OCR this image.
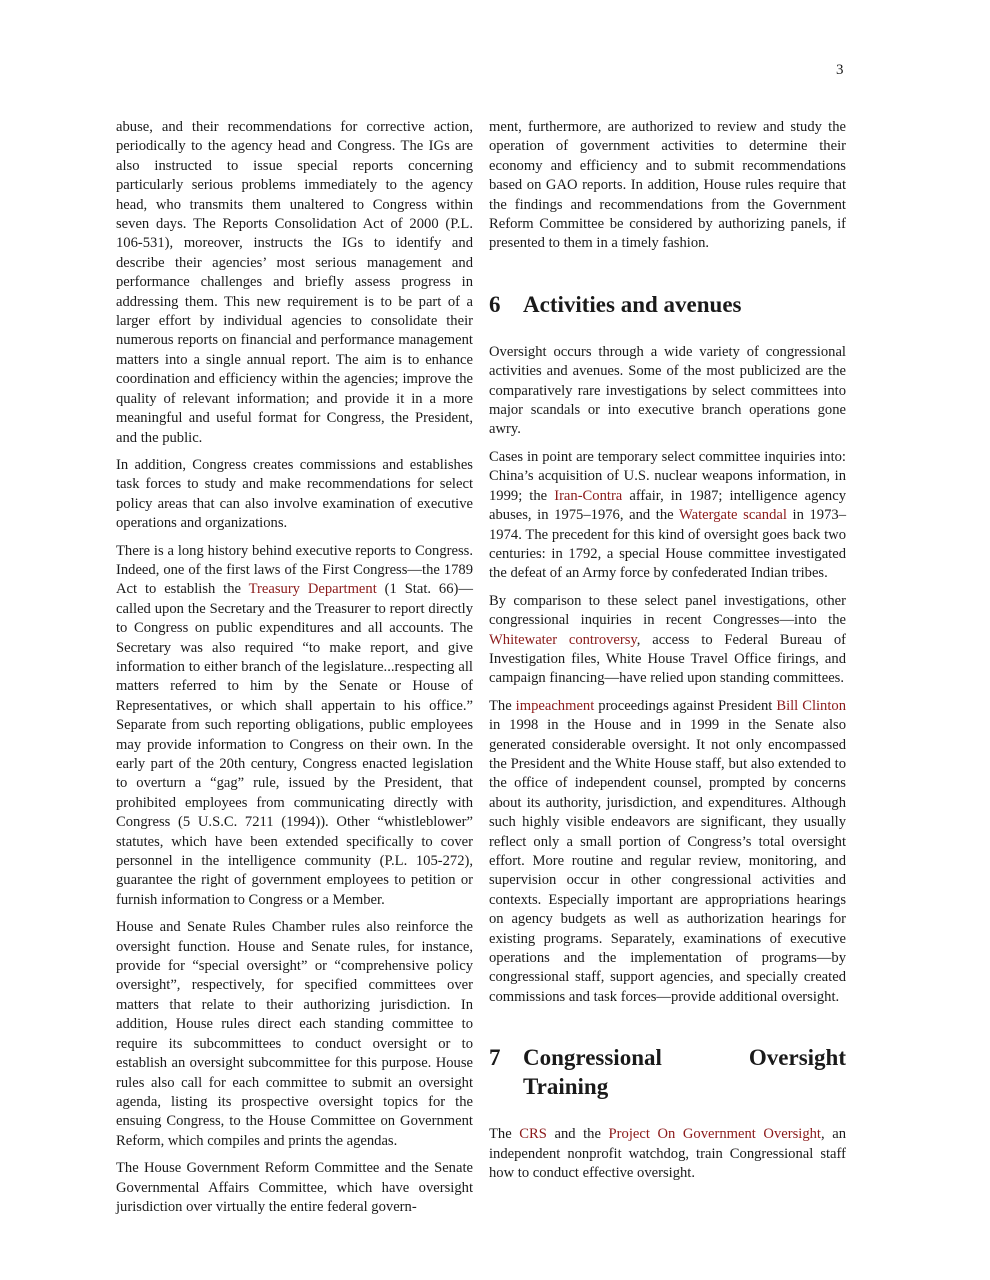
3

abuse, and their recommendations for corrective action, periodically to the agency head and Congress. The IGs are also instructed to issue special reports concerning particularly serious problems immediately to the agency head, who transmits them unaltered to Congress within seven days. The Reports Consolidation Act of 2000 (P.L. 106-531), moreover, instructs the IGs to identify and describe their agencies’ most serious management and performance challenges and briefly assess progress in addressing them. This new requirement is to be part of a larger effort by individual agencies to consolidate their numerous reports on financial and performance management matters into a single annual report. The aim is to enhance coordination and efficiency within the agencies; improve the quality of relevant information; and provide it in a more meaningful and useful format for Congress, the President, and the public.

In addition, Congress creates commissions and establishes task forces to study and make recommendations for select policy areas that can also involve examination of executive operations and organizations.

There is a long history behind executive reports to Congress. Indeed, one of the first laws of the First Congress—the 1789 Act to establish the Treasury Department (1 Stat. 66)—called upon the Secretary and the Treasurer to report directly to Congress on public expenditures and all accounts. The Secretary was also required “to make report, and give information to either branch of the legislature...respecting all matters referred to him by the Senate or House of Representatives, or which shall appertain to his office.” Separate from such reporting obligations, public employees may provide information to Congress on their own. In the early part of the 20th century, Congress enacted legislation to overturn a “gag” rule, issued by the President, that prohibited employees from communicating directly with Congress (5 U.S.C. 7211 (1994)). Other “whistleblower” statutes, which have been extended specifically to cover personnel in the intelligence community (P.L. 105-272), guarantee the right of government employees to petition or furnish information to Congress or a Member.

House and Senate Rules Chamber rules also reinforce the oversight function. House and Senate rules, for instance, provide for “special oversight” or “comprehensive policy oversight”, respectively, for specified committees over matters that relate to their authorizing jurisdiction. In addition, House rules direct each standing committee to require its subcommittees to conduct oversight or to establish an oversight subcommittee for this purpose. House rules also call for each committee to submit an oversight agenda, listing its prospective oversight topics for the ensuing Congress, to the House Committee on Government Reform, which compiles and prints the agendas.

The House Government Reform Committee and the Senate Governmental Affairs Committee, which have oversight jurisdiction over virtually the entire federal govern-

ment, furthermore, are authorized to review and study the operation of government activities to determine their economy and efficiency and to submit recommendations based on GAO reports. In addition, House rules require that the findings and recommendations from the Government Reform Committee be considered by authorizing panels, if presented to them in a timely fashion.

6 Activities and avenues

Oversight occurs through a wide variety of congressional activities and avenues. Some of the most publicized are the comparatively rare investigations by select committees into major scandals or into executive branch operations gone awry.

Cases in point are temporary select committee inquiries into: China’s acquisition of U.S. nuclear weapons information, in 1999; the Iran-Contra affair, in 1987; intelligence agency abuses, in 1975–1976, and the Watergate scandal in 1973–1974. The precedent for this kind of oversight goes back two centuries: in 1792, a special House committee investigated the defeat of an Army force by confederated Indian tribes.

By comparison to these select panel investigations, other congressional inquiries in recent Congresses—into the Whitewater controversy, access to Federal Bureau of Investigation files, White House Travel Office firings, and campaign financing—have relied upon standing committees.

The impeachment proceedings against President Bill Clinton in 1998 in the House and in 1999 in the Senate also generated considerable oversight. It not only encompassed the President and the White House staff, but also extended to the office of independent counsel, prompted by concerns about its authority, jurisdiction, and expenditures. Although such highly visible endeavors are significant, they usually reflect only a small portion of Congress’s total oversight effort. More routine and regular review, monitoring, and supervision occur in other congressional activities and contexts. Especially important are appropriations hearings on agency budgets as well as authorization hearings for existing programs. Separately, examinations of executive operations and the implementation of programs—by congressional staff, support agencies, and specially created commissions and task forces—provide additional oversight.

7 Congressional Oversight Training

The CRS and the Project On Government Oversight, an independent nonprofit watchdog, train Congressional staff how to conduct effective oversight.
